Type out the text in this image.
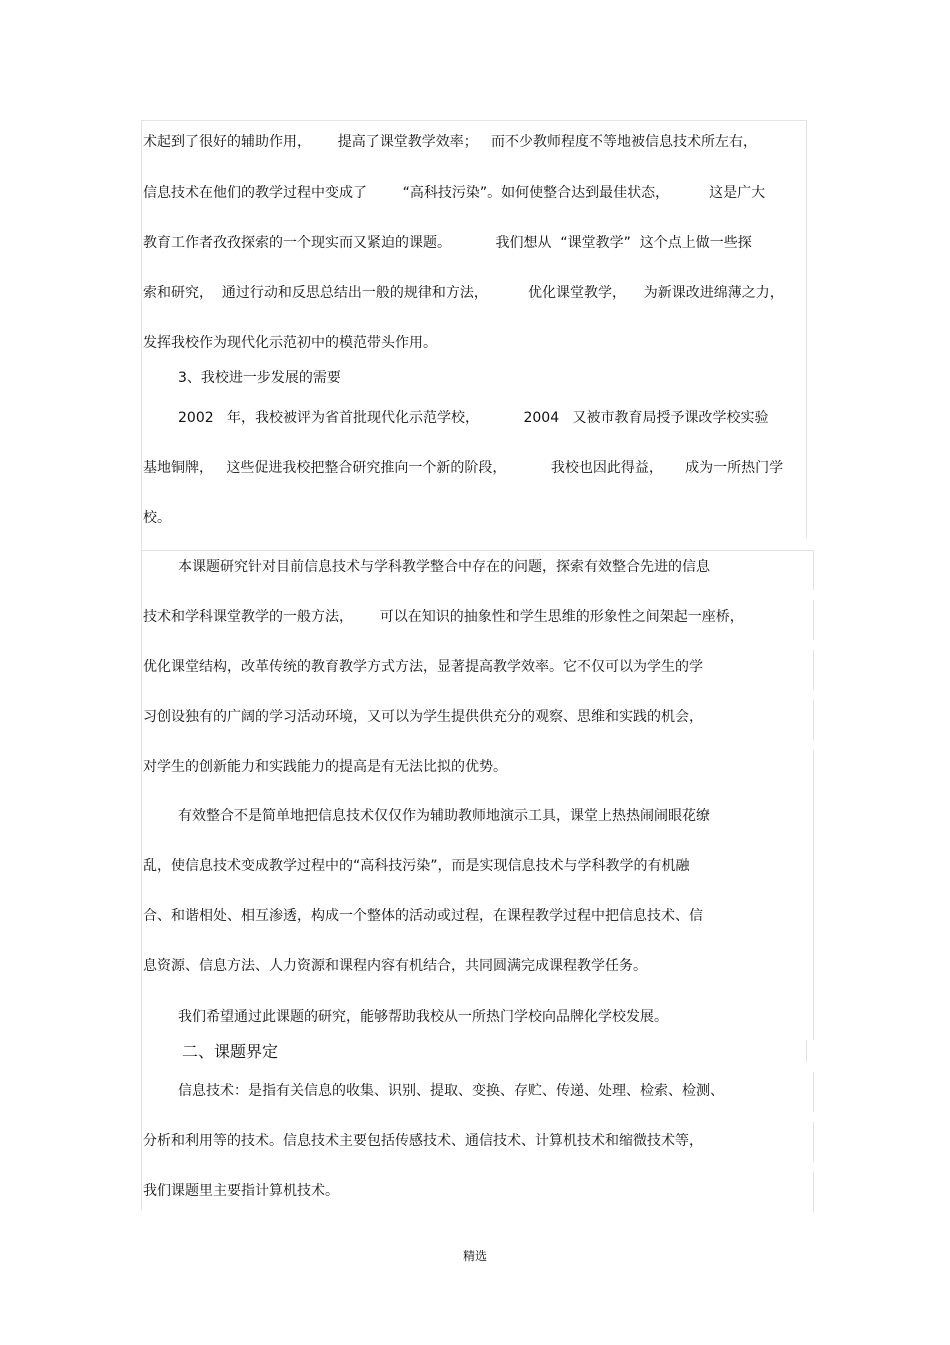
术起到了很好的辅助作用，      提高了课堂教学效率；   而不少教师程度不等地被信息技术所左右，

信息技术在他们的教学过程中变成了        “高科技污染”。如何使整合达到最佳状态，         这是广大

教育工作者孜孜探索的一个现实而又紧迫的课题。          我们想从  “课堂教学”  这个点上做一些探

索和研究，  通过行动和反思总结出一般的规律和方法，         优化课堂教学，    为新课改进绵薄之力，

发挥我校作为现代化示范初中的模范带头作用。

3、我校进一步发展的需要

2002   年，我校被评为省首批现代化示范学校，          2004   又被市教育局授予课改学校实验

基地铜牌，   这些促进我校把整合研究推向一个新的阶段，          我校也因此得益，     成为一所热门学

校。

本课题研究针对目前信息技术与学科教学整合中存在的问题，探索有效整合先进的信息

技术和学科课堂教学的一般方法，      可以在知识的抽象性和学生思维的形象性之间架起一座桥，

优化课堂结构，改革传统的教育教学方式方法，显著提高教学效率。它不仅可以为学生的学

习创设独有的广阔的学习活动环境，又可以为学生提供供充分的观察、思维和实践的机会，

对学生的创新能力和实践能力的提高是有无法比拟的优势。

有效整合不是简单地把信息技术仅仅作为辅助教师地演示工具，课堂上热热闹闹眼花缭

乱，使信息技术变成教学过程中的“高科技污染”，而是实现信息技术与学科教学的有机融

合、和谐相处、相互渗透，构成一个整体的活动或过程，在课程教学过程中把信息技术、信

息资源、信息方法、人力资源和课程内容有机结合，共同圆满完成课程教学任务。

我们希望通过此课题的研究，能够帮助我校从一所热门学校向品牌化学校发展。

二、课题界定

信息技术：是指有关信息的收集、识别、提取、变换、存贮、传递、处理、检索、检测、

分析和利用等的技术。信息技术主要包括传感技术、通信技术、计算机技术和缩微技术等，

我们课题里主要指计算机技术。

精选
